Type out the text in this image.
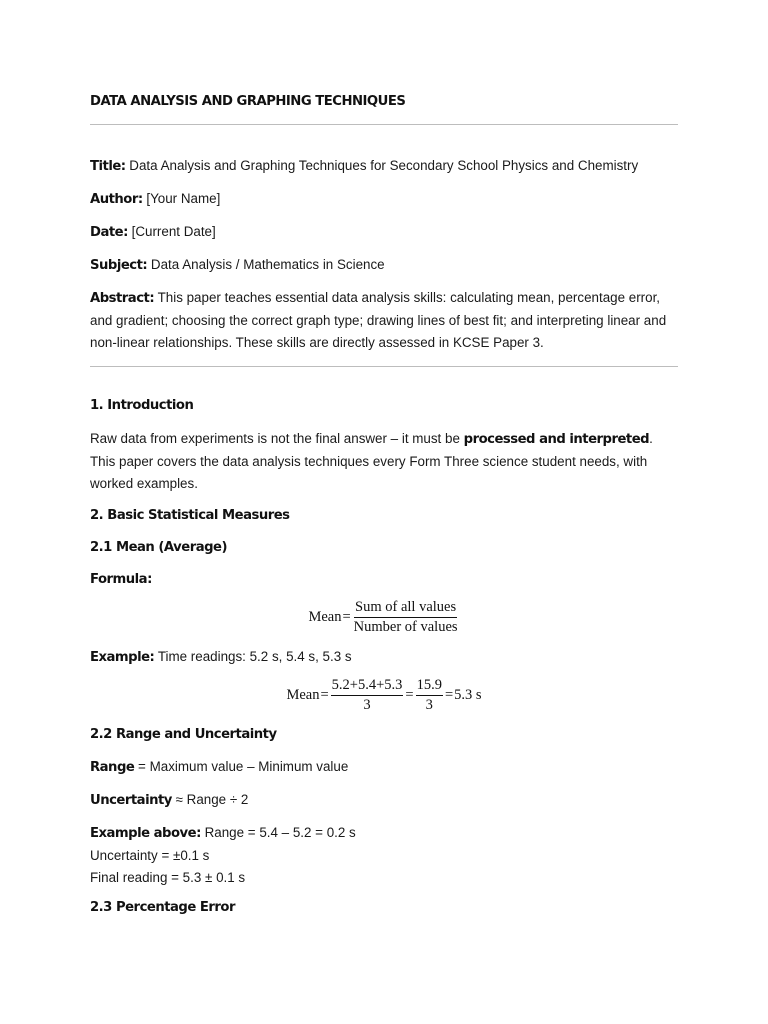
DATA ANALYSIS AND GRAPHING TECHNIQUES

Title: Data Analysis and Graphing Techniques for Secondary School Physics and Chemistry

Author: [Your Name]

Date: [Current Date]

Subject: Data Analysis / Mathematics in Science

Abstract: This paper teaches essential data analysis skills: calculating mean, percentage error, and gradient; choosing the correct graph type; drawing lines of best fit; and interpreting linear and non-linear relationships. These skills are directly assessed in KCSE Paper 3.

1. Introduction

Raw data from experiments is not the final answer – it must be processed and interpreted. This paper covers the data analysis techniques every Form Three science student needs, with worked examples.

2. Basic Statistical Measures
2.1 Mean (Average)
Formula:
Mean = $\frac{\text{Sum of all values}}{\text{Number of values}}$

Example: Time readings: 5.2 s, 5.4 s, 5.3 s

Mean = $\frac{5.2+5.4+5.3}{3} = \frac{15.9}{3} = 5.3$ s
2.2 Range and Uncertainty

Range = Maximum value – Minimum value

Uncertainty ≈ Range ÷ 2

Example above: Range = 5.4 – 5.2 = 0.2 s

Uncertainty = ±0.1 s

Final reading = 5.3 ± 0.1 s

2.3 Percentage Error
